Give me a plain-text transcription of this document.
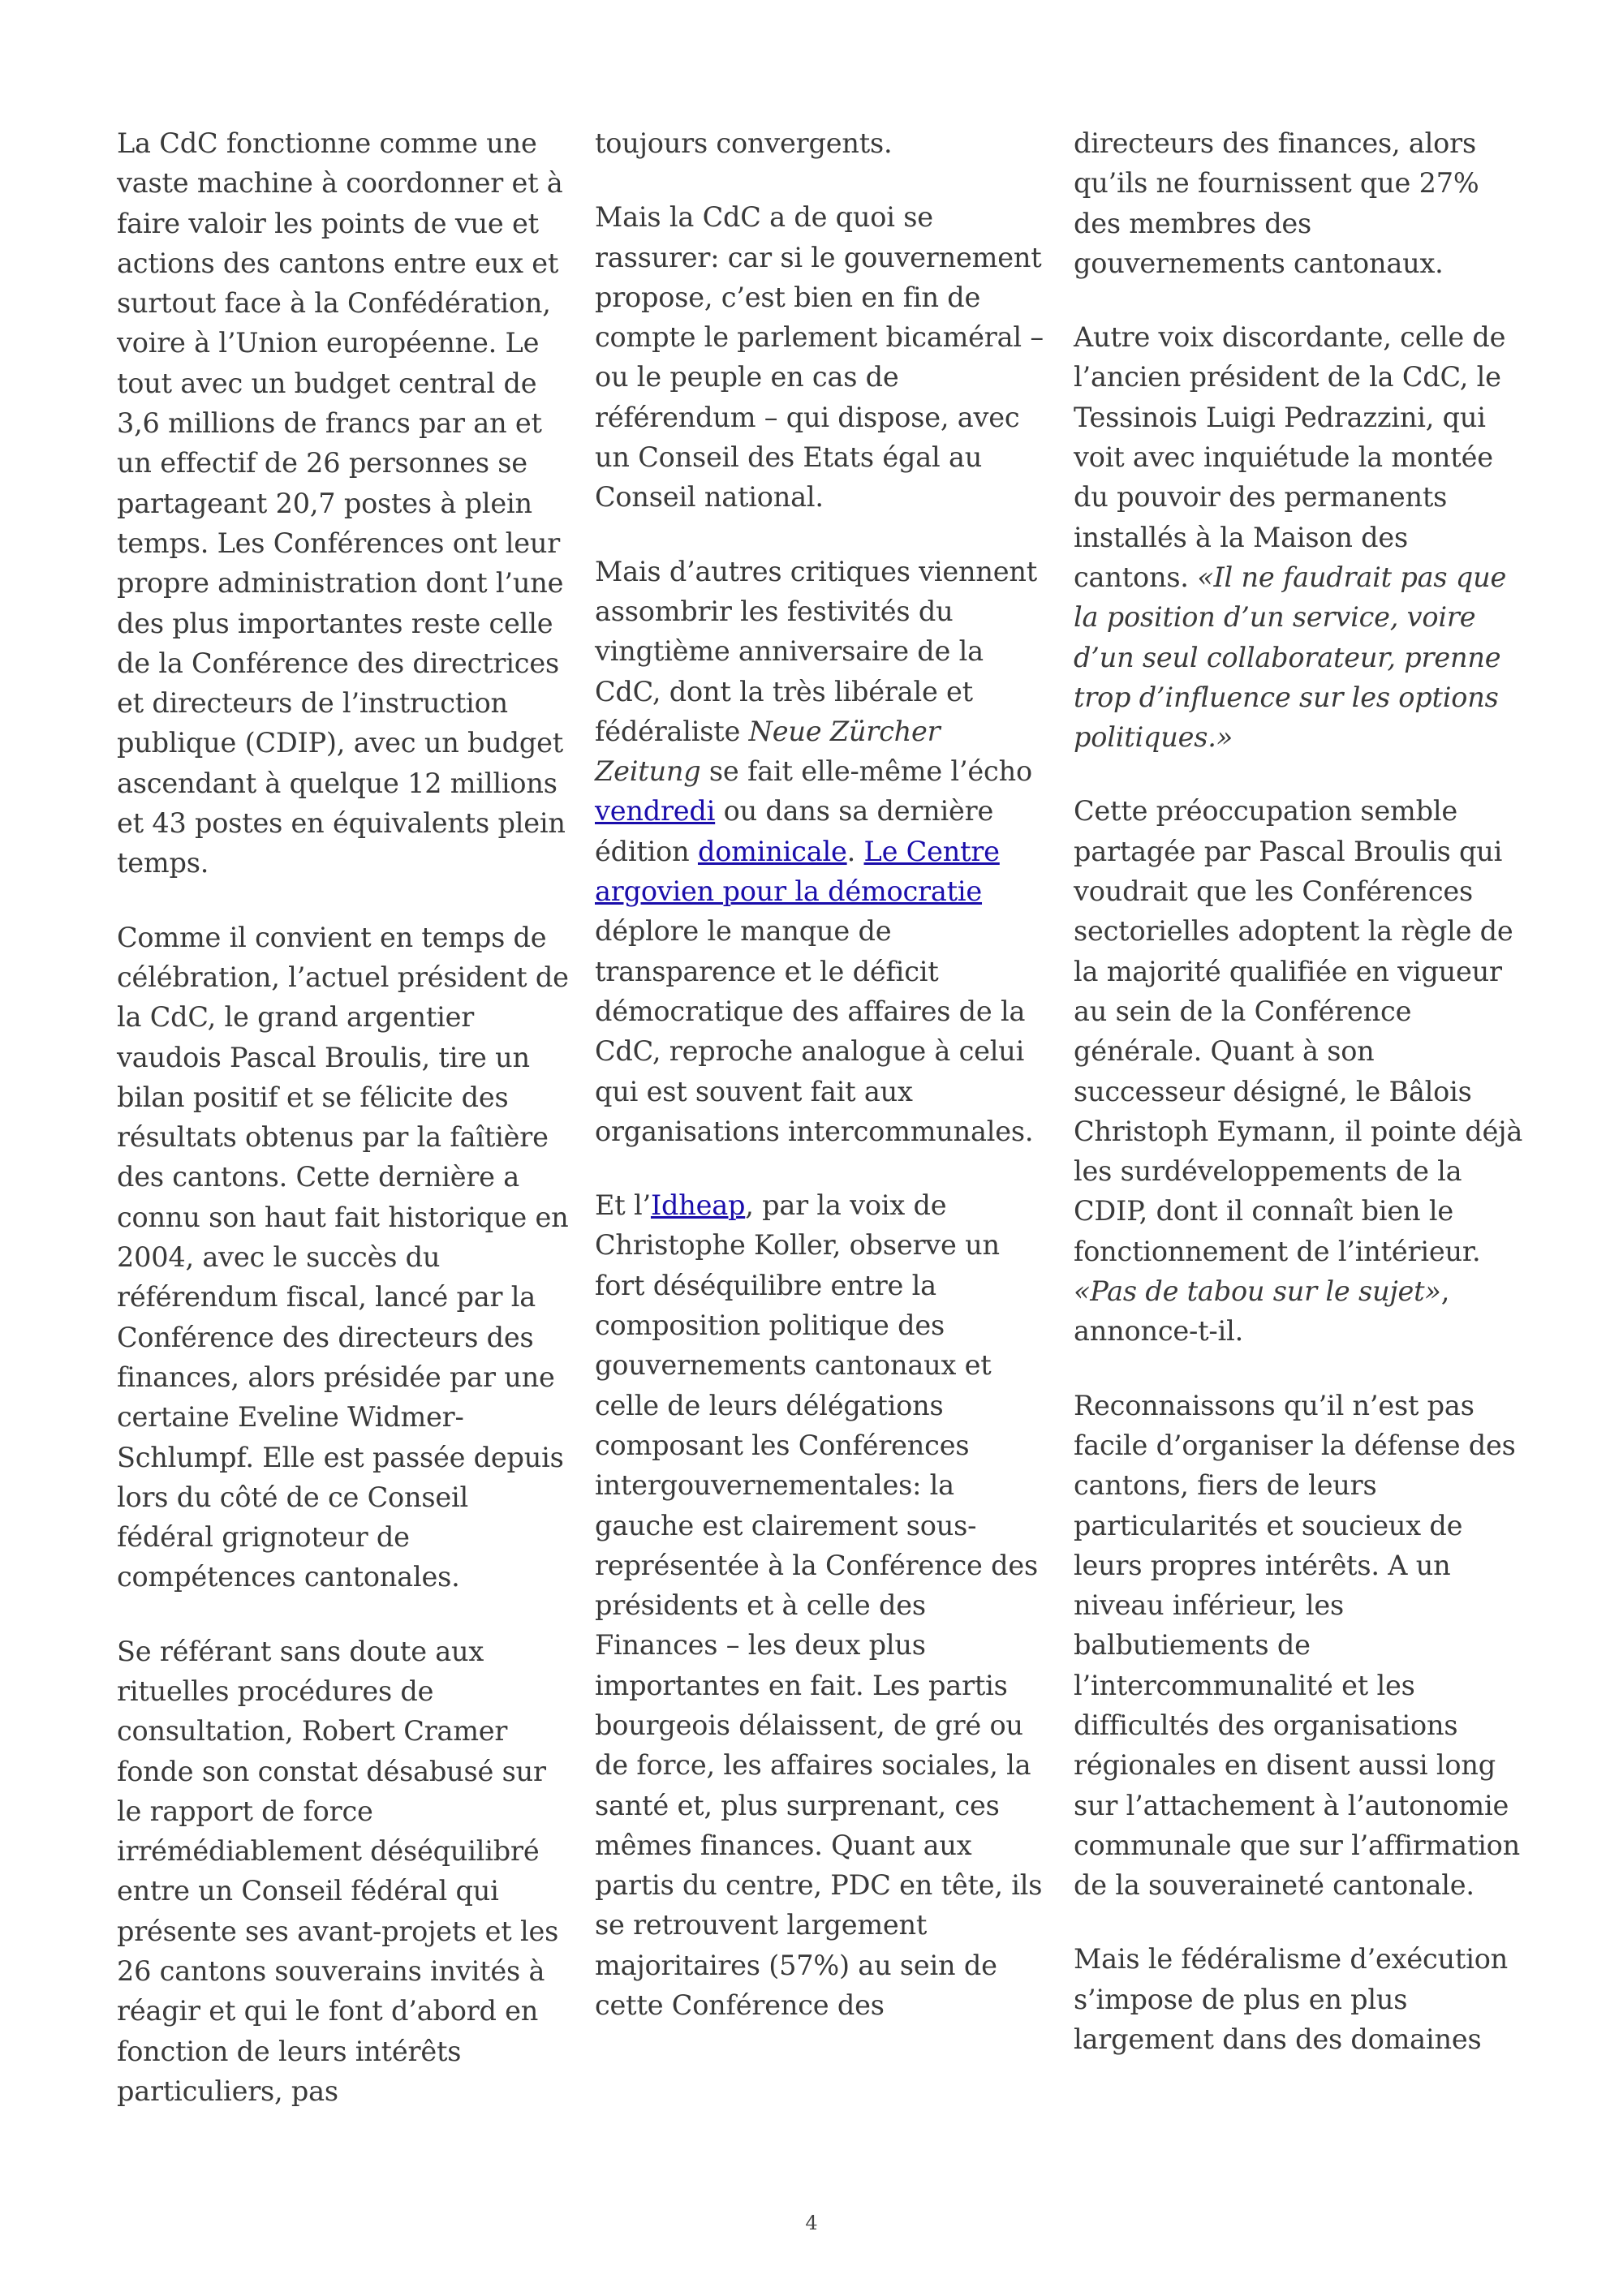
La CdC fonctionne comme une vaste machine à coordonner et à faire valoir les points de vue et actions des cantons entre eux et surtout face à la Confédération, voire à l’Union européenne. Le tout avec un budget central de 3,6 millions de francs par an et un effectif de 26 personnes se partageant 20,7 postes à plein temps. Les Conférences ont leur propre administration dont l’une des plus importantes reste celle de la Conférence des directrices et directeurs de l’instruction publique (CDIP), avec un budget ascendant à quelque 12 millions et 43 postes en équivalents plein temps.

Comme il convient en temps de célébration, l’actuel président de la CdC, le grand argentier vaudois Pascal Broulis, tire un bilan positif et se félicite des résultats obtenus par la faîtière des cantons. Cette dernière a connu son haut fait historique en 2004, avec le succès du référendum fiscal, lancé par la Conférence des directeurs des finances, alors présidée par une certaine Eveline Widmer-Schlumpf. Elle est passée depuis lors du côté de ce Conseil fédéral grignoteur de compétences cantonales.

Se référant sans doute aux rituelles procédures de consultation, Robert Cramer fonde son constat désabusé sur le rapport de force irrémédiablement déséquilibré entre un Conseil fédéral qui présente ses avant-projets et les 26 cantons souverains invités à réagir et qui le font d’abord en fonction de leurs intérêts particuliers, pas

toujours convergents.

Mais la CdC a de quoi se rassurer: car si le gouvernement propose, c’est bien en fin de compte le parlement bicaméral – ou le peuple en cas de référendum – qui dispose, avec un Conseil des Etats égal au Conseil national.

Mais d’autres critiques viennent assombrir les festivités du vingtième anniversaire de la CdC, dont la très libérale et fédéraliste Neue Zürcher Zeitung se fait elle-même l’écho vendredi ou dans sa dernière édition dominicale. Le Centre argovien pour la démocratie déplore le manque de transparence et le déficit démocratique des affaires de la CdC, reproche analogue à celui qui est souvent fait aux organisations intercommunales.

Et l’Idheap, par la voix de Christophe Koller, observe un fort déséquilibre entre la composition politique des gouvernements cantonaux et celle de leurs délégations composant les Conférences intergouvernementales: la gauche est clairement sous-représentée à la Conférence des présidents et à celle des Finances – les deux plus importantes en fait. Les partis bourgeois délaissent, de gré ou de force, les affaires sociales, la santé et, plus surprenant, ces mêmes finances. Quant aux partis du centre, PDC en tête, ils se retrouvent largement majoritaires (57%) au sein de cette Conférence des

directeurs des finances, alors qu’ils ne fournissent que 27% des membres des gouvernements cantonaux.

Autre voix discordante, celle de l’ancien président de la CdC, le Tessinois Luigi Pedrazzini, qui voit avec inquiétude la montée du pouvoir des permanents installés à la Maison des cantons. «Il ne faudrait pas que la position d’un service, voire d’un seul collaborateur, prenne trop d’influence sur les options politiques.»

Cette préoccupation semble partagée par Pascal Broulis qui voudrait que les Conférences sectorielles adoptent la règle de la majorité qualifiée en vigueur au sein de la Conférence générale. Quant à son successeur désigné, le Bâlois Christoph Eymann, il pointe déjà les surdéveloppements de la CDIP, dont il connaît bien le fonctionnement de l’intérieur. «Pas de tabou sur le sujet», annonce-t-il.

Reconnaissons qu’il n’est pas facile d’organiser la défense des cantons, fiers de leurs particularités et soucieux de leurs propres intérêts. A un niveau inférieur, les balbutiements de l’intercommunalité et les difficultés des organisations régionales en disent aussi long sur l’attachement à l’autonomie communale que sur l’affirmation de la souveraineté cantonale.

Mais le fédéralisme d’exécution s’impose de plus en plus largement dans des domaines

4
